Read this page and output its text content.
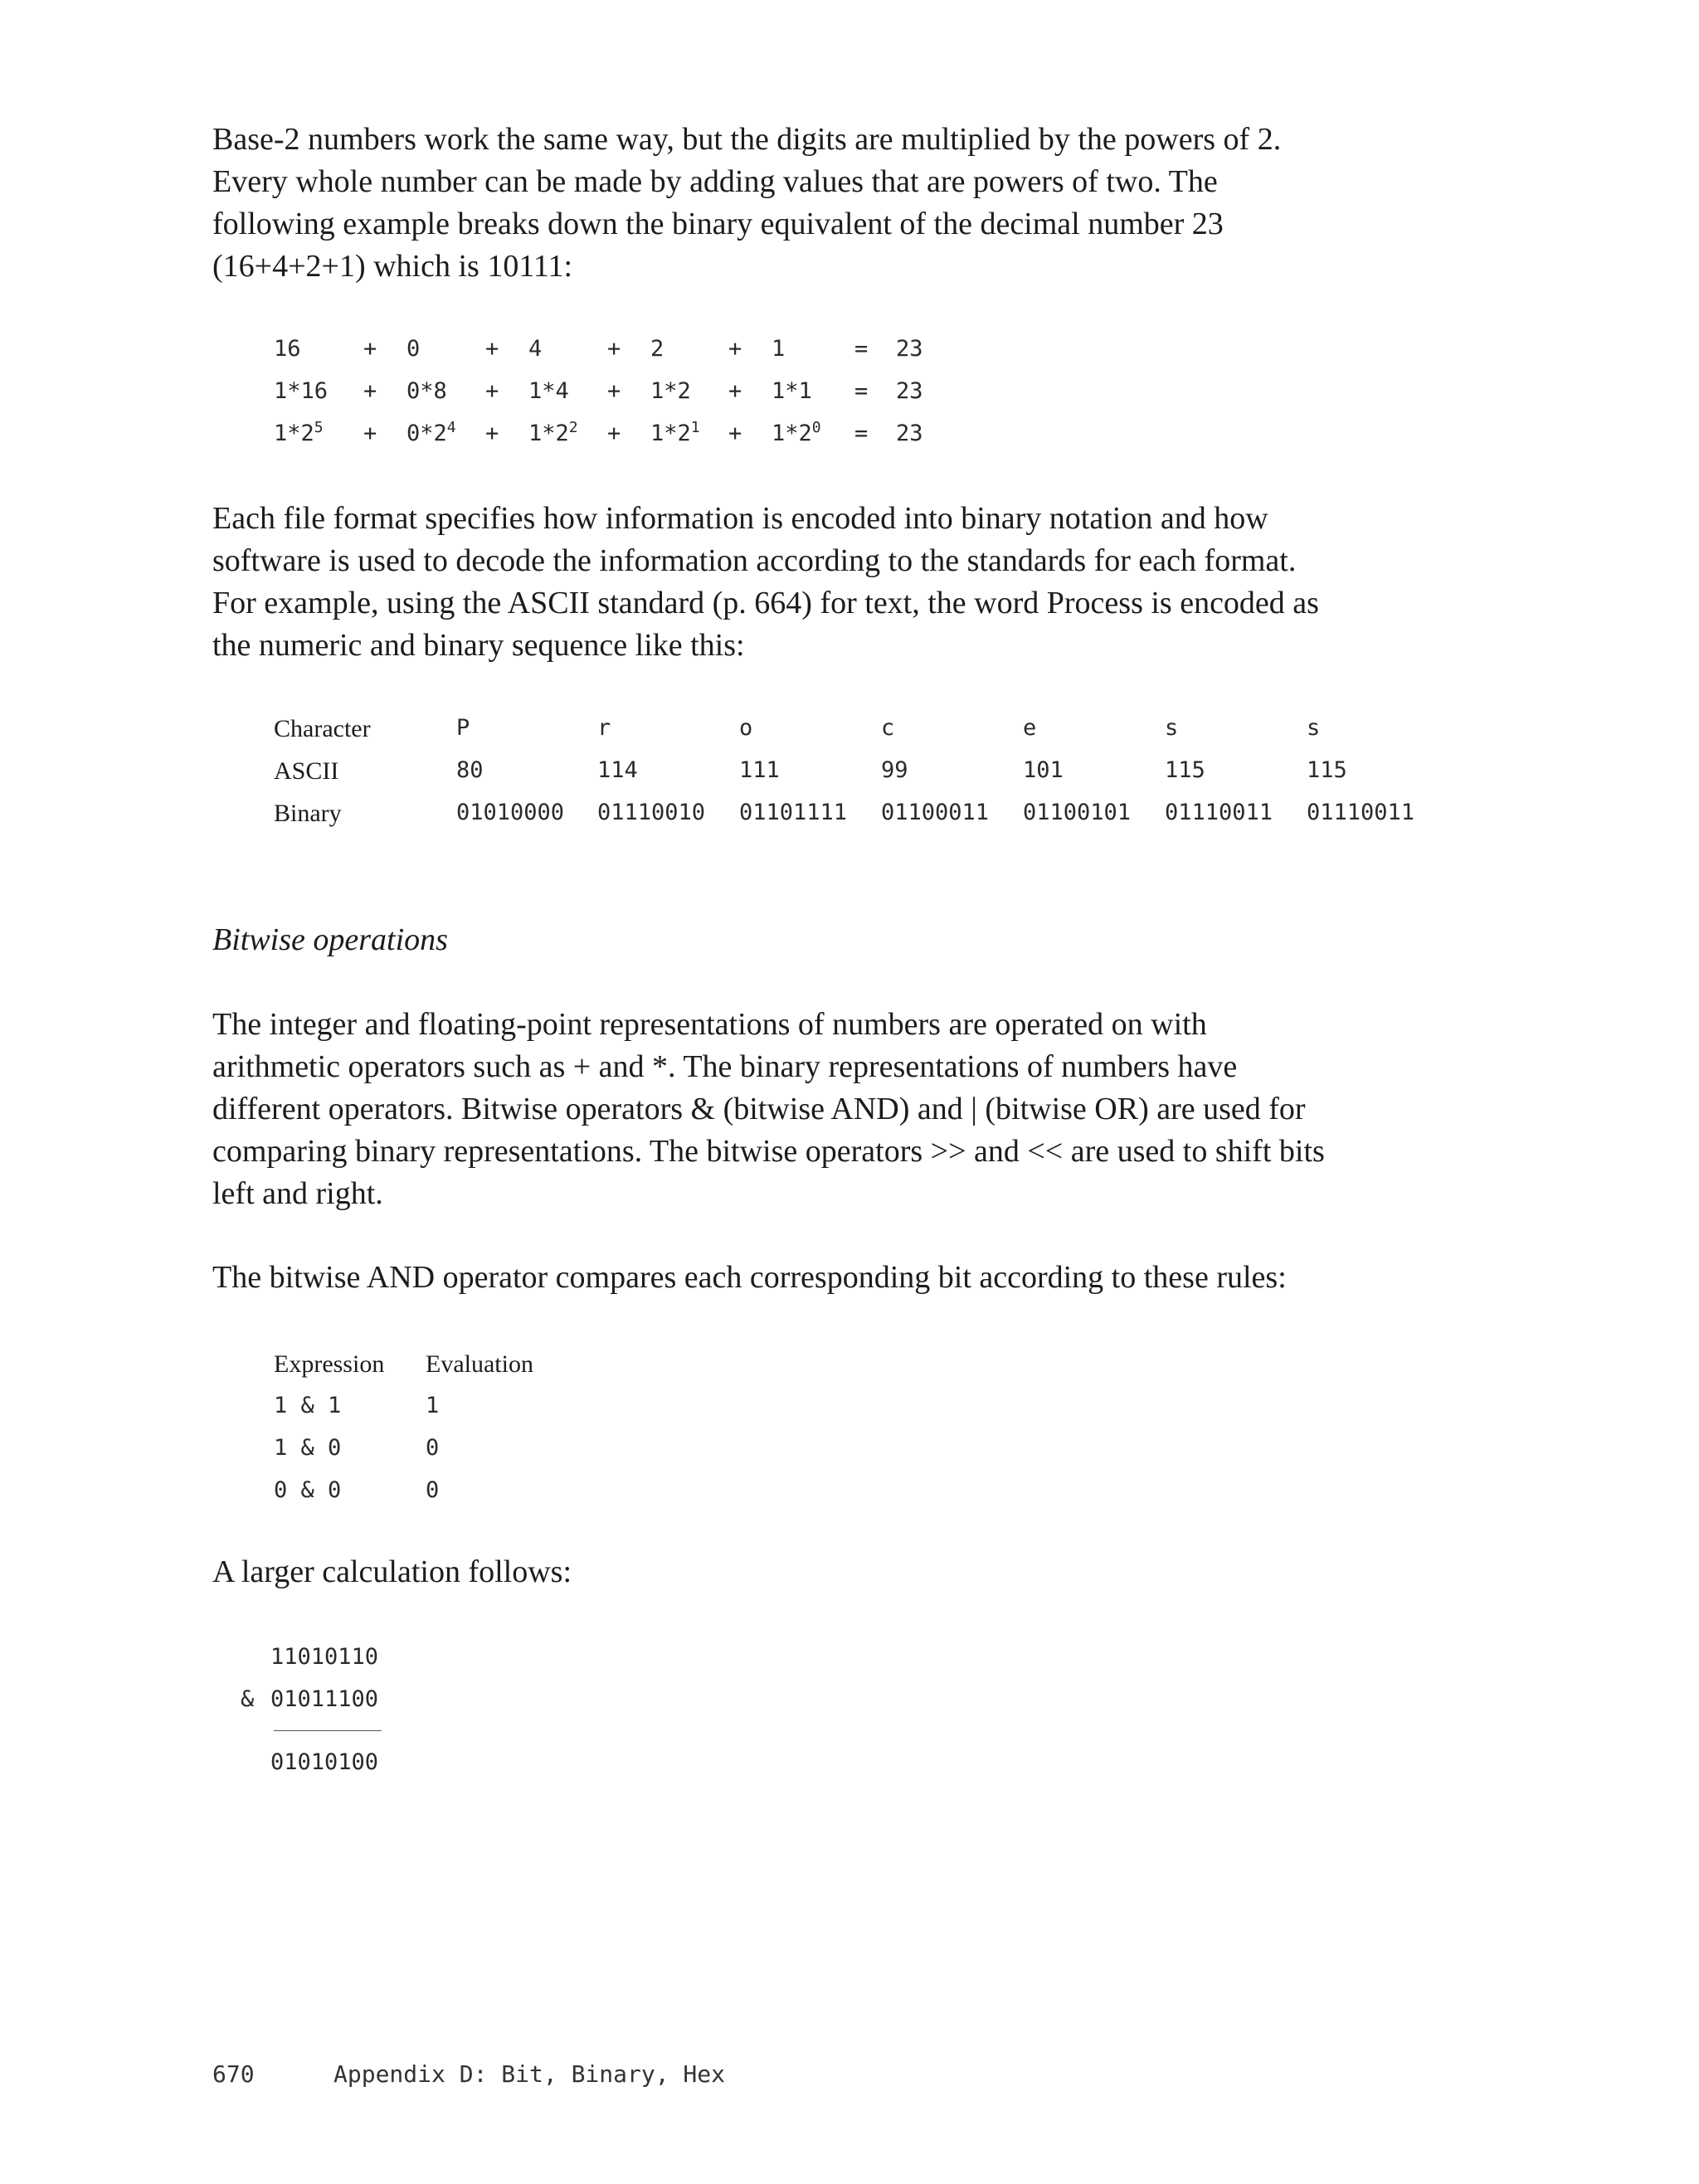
Base-2 numbers work the same way, but the digits are multiplied by the powers of 2.
Every whole number can be made by adding values that are powers of two. The
following example breaks down the binary equivalent of the decimal number 23
(16+4+2+1) which is 10111:
16	+ 0	+ 4	+ 2	+ 1	= 23
1*16 + 0*8 + 1*4 + 1*2 + 1*1 = 23
$1*2^5 + 0*2^4 + 1*2^2 + 1*2^1 + 1*2^0 = 23$
Each file format specifies how information is encoded into binary notation and how
software is used to decode the information according to the standards for each format.
For example, using the ASCII standard (p. 664) for text, the word Process is encoded as
the numeric and binary sequence like this:
Character	P	r	o	c	e	s	s
ASCII	80	114	111	99	101	115	115
Binary	01010000 01110010 01101111 01100011 01100101 01110011 01110011
Bitwise operations
The integer and floating-point representations of numbers are operated on with
arithmetic operators such as + and *. The binary representations of numbers have
different operators. Bitwise operators & (bitwise AND) and | (bitwise OR) are used for
comparing binary representations. The bitwise operators >> and << are used to shift bits
left and right.
The bitwise AND operator compares each corresponding bit according to these rules:
Expression Evaluation
1 & 1	1
1 & 0	0
0 & 0	0
A larger calculation follows:
11010110
& 01011100
01010100
670	Appendix D: Bit, Binary, Hex
